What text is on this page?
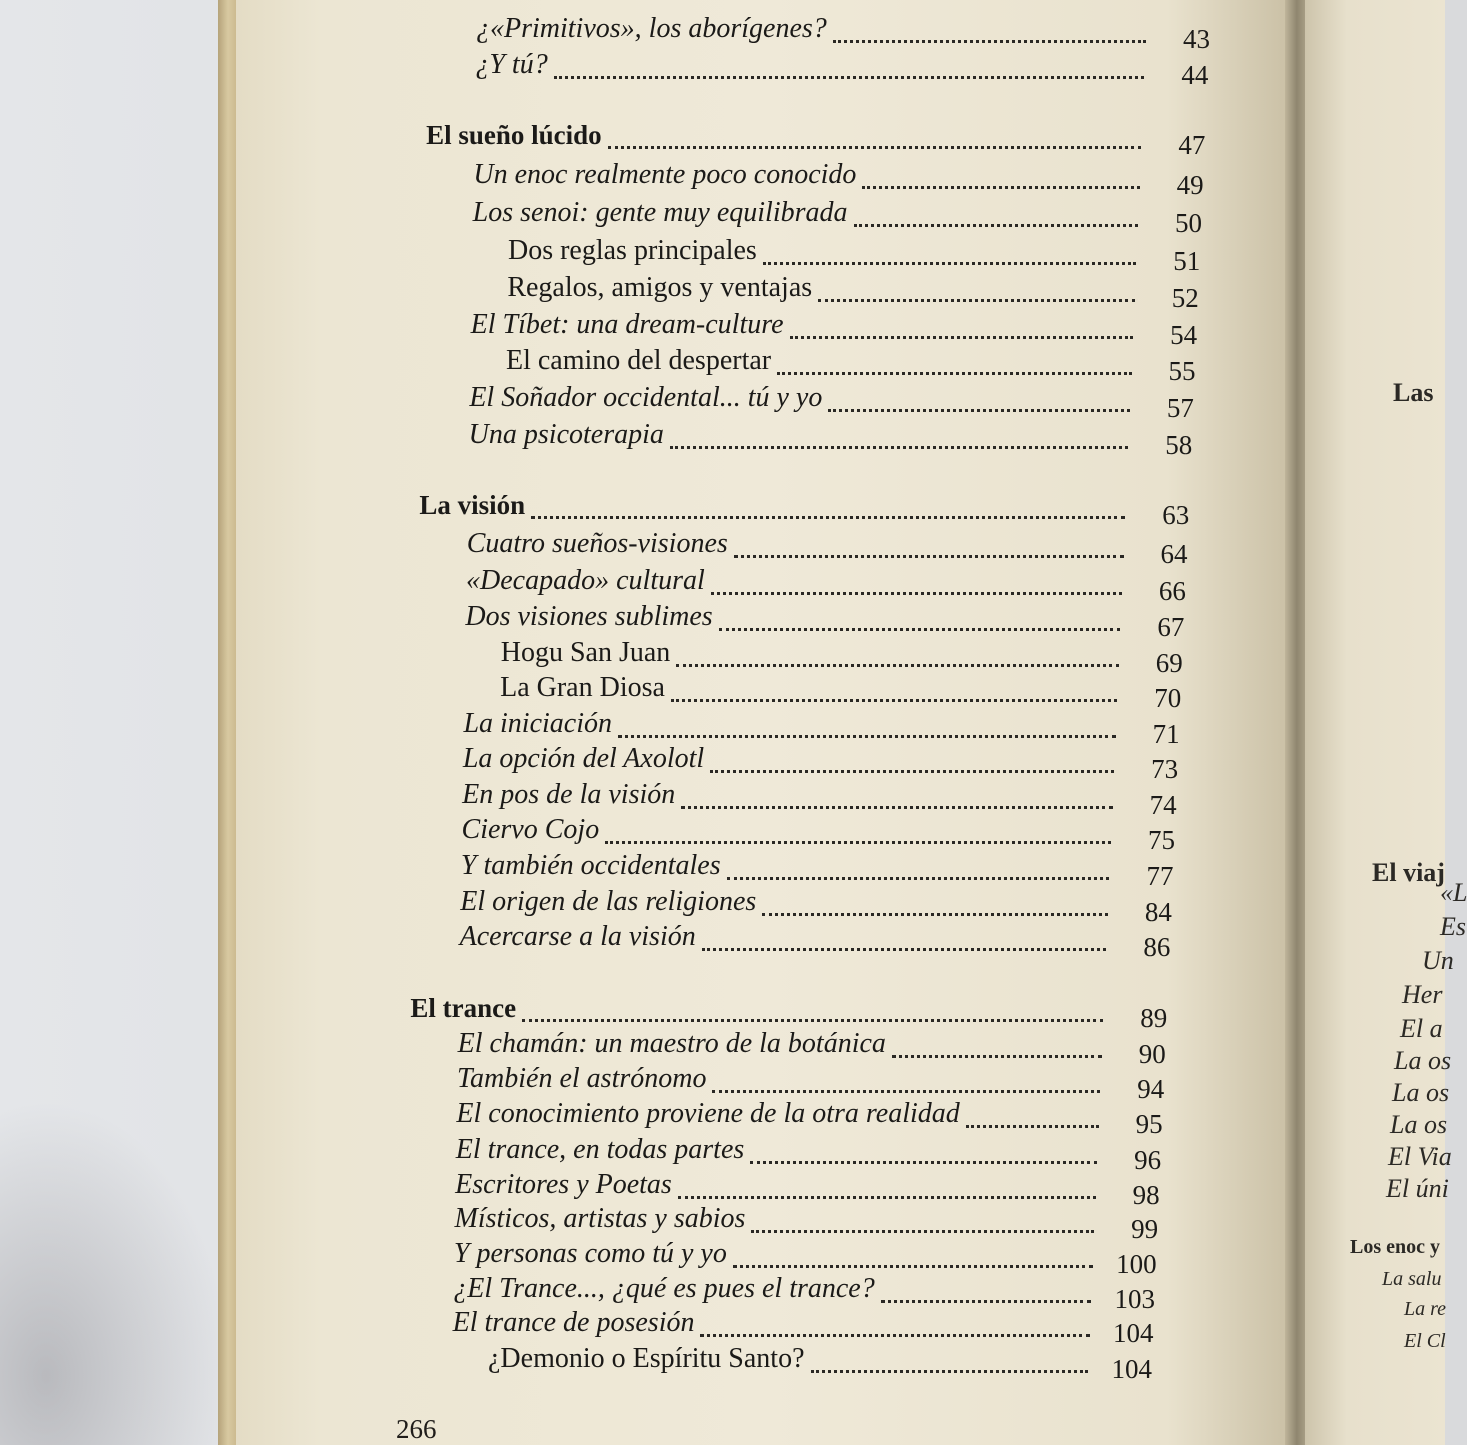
¿«Primitivos», los aborígenes?	43
¿Y tú?	44
El sueño lúcido	47
Un enoc realmente poco conocido	49
Los senoi: gente muy equilibrada	50
Dos reglas principales	51
Regalos, amigos y ventajas	52
El Tíbet: una dream-culture	54
El camino del despertar	55
El Soñador occidental... tú y yo	57
Una psicoterapia	58
La visión	63
Cuatro sueños-visiones	64
«Decapado» cultural	66
Dos visiones sublimes	67
Hogu San Juan	69
La Gran Diosa	70
La iniciación	71
La opción del Axolotl	73
En pos de la visión	74
Ciervo Cojo	75
Y también occidentales	77
El origen de las religiones	84
Acercarse a la visión	86
El trance	89
El chamán: un maestro de la botánica	90
También el astrónomo	94
El conocimiento proviene de la otra realidad	95
El trance, en todas partes	96
Escritores y Poetas	98
Místicos, artistas y sabios	99
Y personas como tú y yo	100
¿El Trance..., ¿qué es pues el trance?	103
El trance de posesión	104
¿Demonio o Espíritu Santo?	104
Las
El viaj
«L
Es
Un
Her
El a
La os
La os
La os
El Via
El úni
Los enoc y
La salu
La re
El Cl
266
